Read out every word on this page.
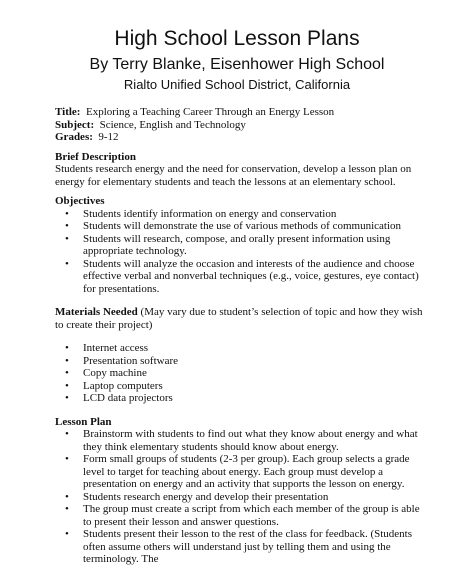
High School Lesson Plans
By Terry Blanke, Eisenhower High School
Rialto Unified School District, California

Title: Exploring a Teaching Career Through an Energy Lesson

Subject: Science, English and Technology

Grades: 9-12

Brief Description

Students research energy and the need for conservation, develop a lesson plan on energy for elementary students and teach the lessons at an elementary school.

Objectives

• Students identify information on energy and conservation
• Students will demonstrate the use of various methods of communication
• Students will research, compose, and orally present information using appropriate technology.
• Students will analyze the occasion and interests of the audience and choose effective verbal and nonverbal techniques (e.g., voice, gestures, eye contact) for presentations.

Materials Needed (May vary due to student’s selection of topic and how they wish to create their project)

• Internet access
• Presentation software
• Copy machine
• Laptop computers
• LCD data projectors

Lesson Plan

• Brainstorm with students to find out what they know about energy and what they think elementary students should know about energy.
• Form small groups of students (2-3 per group). Each group selects a grade level to target for teaching about energy. Each group must develop a presentation on energy and an activity that supports the lesson on energy.
• Students research energy and develop their presentation
• The group must create a script from which each member of the group is able to present their lesson and answer questions.
• Students present their lesson to the rest of the class for feedback. (Students often assume others will understand just by telling them and using the terminology. The
